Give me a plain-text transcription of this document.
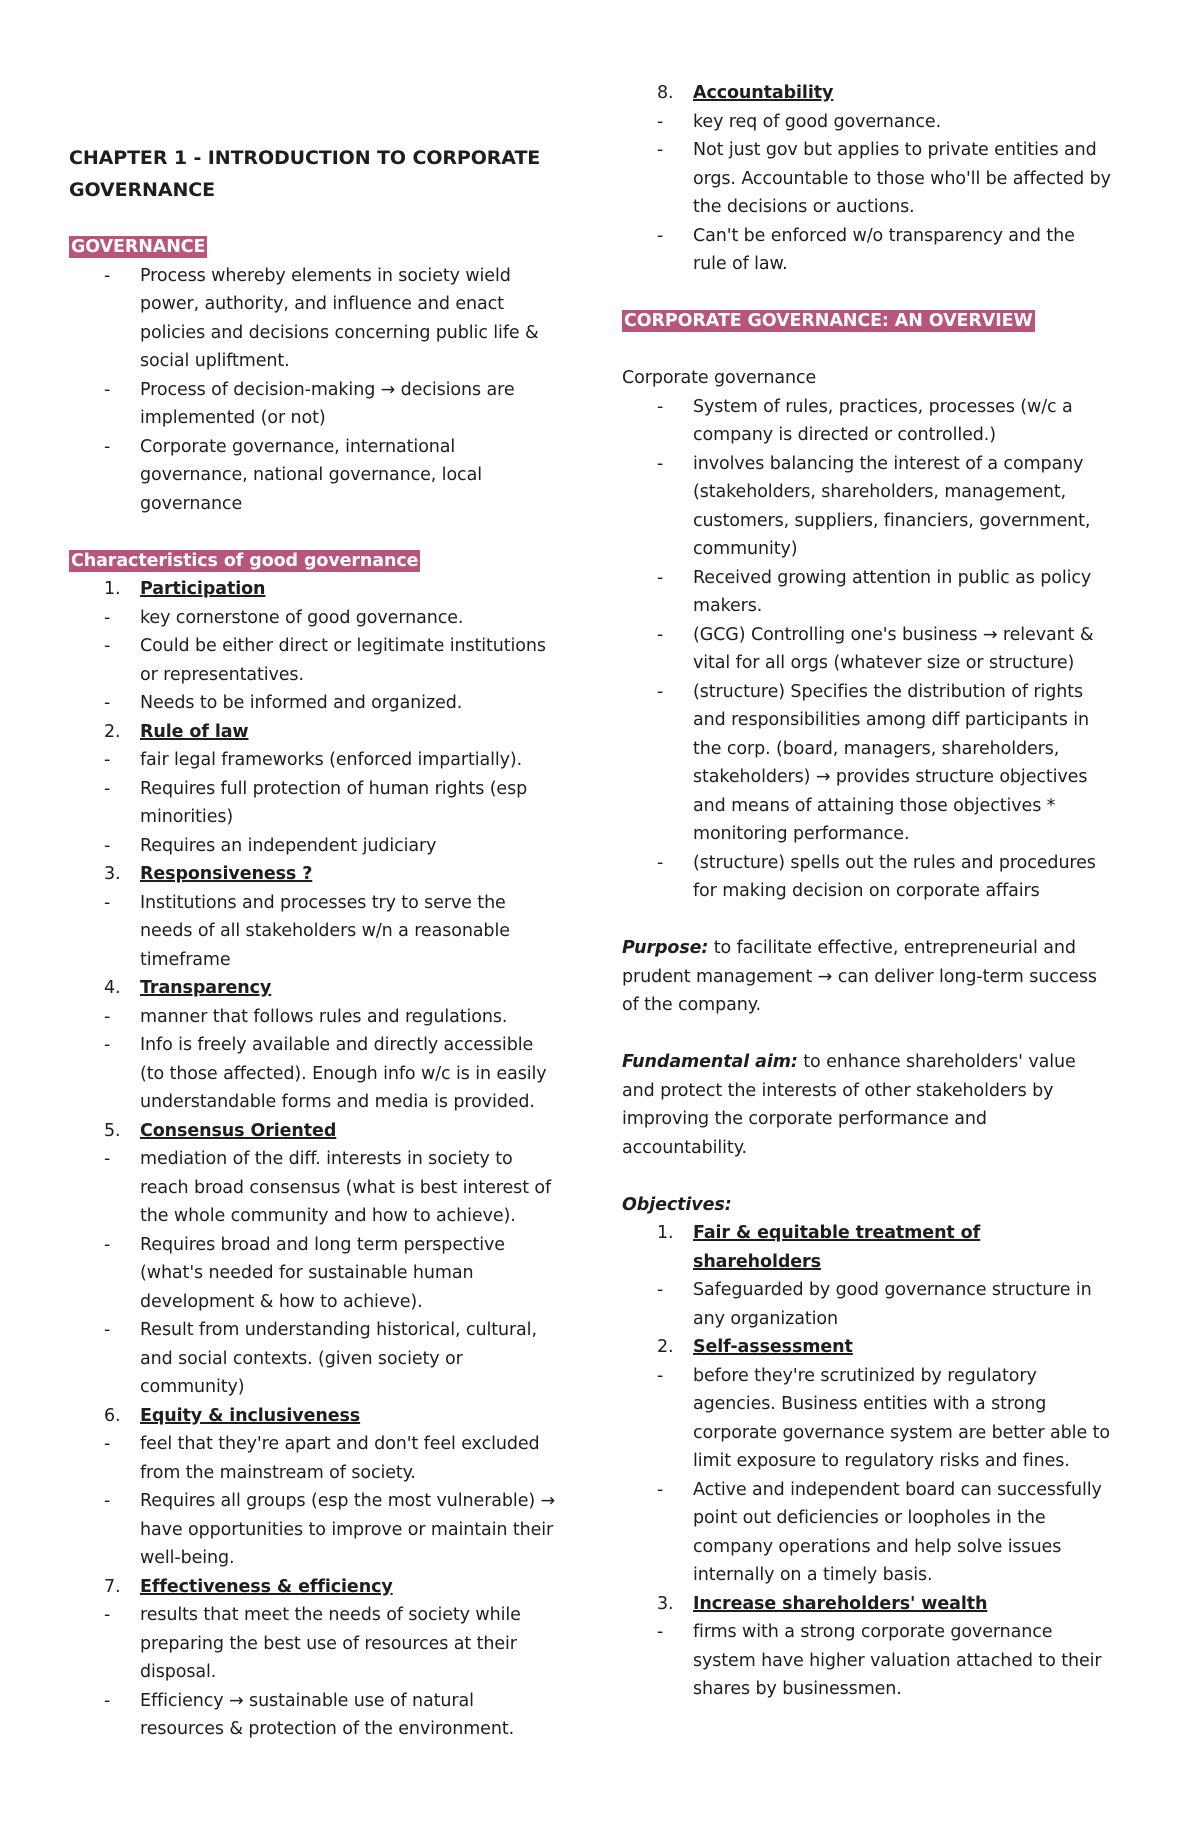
CHAPTER 1 - INTRODUCTION TO CORPORATE GOVERNANCE

GOVERNANCE

- Process whereby elements in society wield power, authority, and influence and enact policies and decisions concerning public life & social upliftment.

- Process of decision-making → decisions are implemented (or not)

- Corporate governance, international governance, national governance, local governance

Characteristics of good governance

1. Participation

- key cornerstone of good governance.

- Could be either direct or legitimate institutions or representatives.

- Needs to be informed and organized.

2. Rule of law

- fair legal frameworks (enforced impartially).

- Requires full protection of human rights (esp minorities)

- Requires an independent judiciary

3. Responsiveness ?

- Institutions and processes try to serve the needs of all stakeholders w/n a reasonable timeframe

4. Transparency

- manner that follows rules and regulations.

- Info is freely available and directly accessible (to those affected). Enough info w/c is in easily understandable forms and media is provided.

5. Consensus Oriented

- mediation of the diff. interests in society to reach broad consensus (what is best interest of the whole community and how to achieve).

- Requires broad and long term perspective (what's needed for sustainable human development & how to achieve).

- Result from understanding historical, cultural, and social contexts. (given society or community)

6. Equity & inclusiveness

- feel that they're apart and don't feel excluded from the mainstream of society.

- Requires all groups (esp the most vulnerable) → have opportunities to improve or maintain their well-being.

7. Effectiveness & efficiency

- results that meet the needs of society while preparing the best use of resources at their disposal.

- Efficiency → sustainable use of natural resources & protection of the environment.

8. Accountability

- key req of good governance.

- Not just gov but applies to private entities and orgs. Accountable to those who'll be affected by the decisions or auctions.

- Can't be enforced w/o transparency and the rule of law.

CORPORATE GOVERNANCE: AN OVERVIEW

Corporate governance

- System of rules, practices, processes (w/c a company is directed or controlled.)

- involves balancing the interest of a company (stakeholders, shareholders, management, customers, suppliers, financiers, government, community)

- Received growing attention in public as policy makers.

- (GCG) Controlling one's business → relevant & vital for all orgs (whatever size or structure)

- (structure) Specifies the distribution of rights and responsibilities among diff participants in the corp. (board, managers, shareholders, stakeholders) → provides structure objectives and means of attaining those objectives * monitoring performance.

- (structure) spells out the rules and procedures for making decision on corporate affairs

Purpose: to facilitate effective, entrepreneurial and prudent management → can deliver long-term success of the company.

Fundamental aim: to enhance shareholders' value and protect the interests of other stakeholders by improving the corporate performance and accountability.

Objectives:

1. Fair & equitable treatment of shareholders

- Safeguarded by good governance structure in any organization

2. Self-assessment

- before they're scrutinized by regulatory agencies. Business entities with a strong corporate governance system are better able to limit exposure to regulatory risks and fines.

- Active and independent board can successfully point out deficiencies or loopholes in the company operations and help solve issues internally on a timely basis.

3. Increase shareholders' wealth

- firms with a strong corporate governance system have higher valuation attached to their shares by businessmen.
